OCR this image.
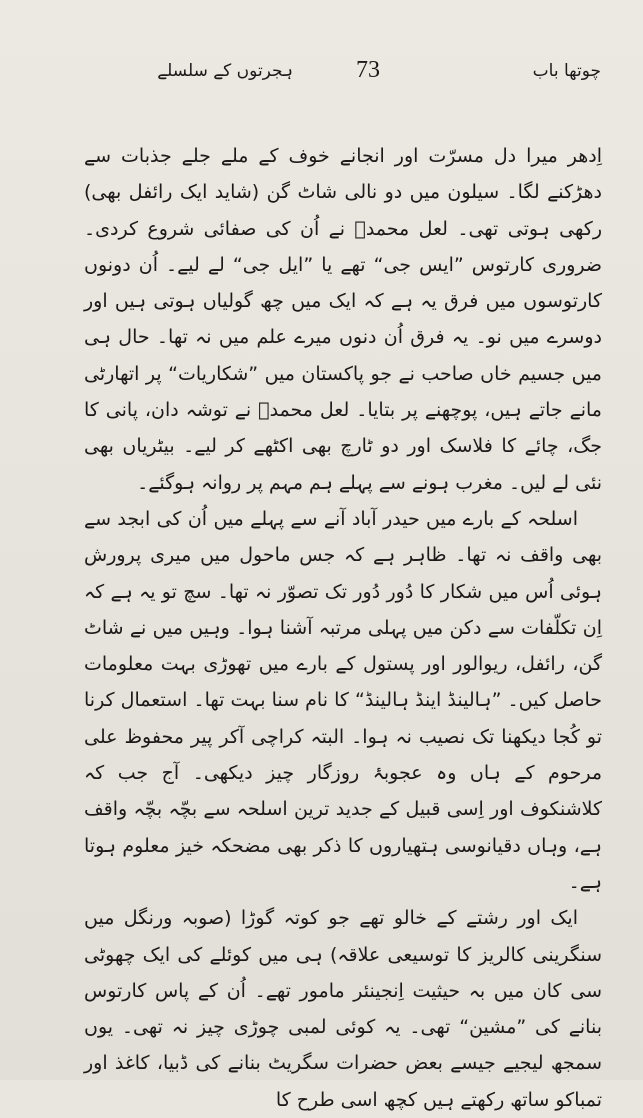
73
ہجرتوں کے سلسلے	چوتھا باب

اِدھر میرا دل مسرّت اور انجانے خوف کے ملے جلے جذبات سے دھڑکنے لگا۔ سیلون میں دو نالی شاٹ گن (شاید ایک رائفل بھی) رکھی ہوتی تھی۔ لعل محمدؐ نے اُن کی صفائی شروع کردی۔ ضروری کارتوس ”ایس جی“ تھے یا ”ایل جی“ لے لیے۔ اُن دونوں کارتوسوں میں فرق یہ ہے کہ ایک میں چھ گولیاں ہوتی ہیں اور دوسرے میں نو۔ یہ فرق اُن دنوں میرے علم میں نہ تھا۔ حال ہی میں جسیم خاں صاحب نے جو پاکستان میں ”شکاریات“ پر اتھارٹی مانے جاتے ہیں، پوچھنے پر بتایا۔ لعل محمدؐ نے توشہ دان، پانی کا جگ، چائے کا فلاسک اور دو ٹارچ بھی اکٹھے کر لیے۔ بیٹریاں بھی نئی لے لیں۔ مغرب ہونے سے پہلے ہم مہم پر روانہ ہوگئے۔

اسلحہ کے بارے میں حیدر آباد آنے سے پہلے میں اُن کی ابجد سے بھی واقف نہ تھا۔ ظاہر ہے کہ جس ماحول میں میری پرورش ہوئی اُس میں شکار کا دُور دُور تک تصوّر نہ تھا۔ سچ تو یہ ہے کہ اِن تکلّفات سے دکن میں پہلی مرتبہ آشنا ہوا۔ وہیں میں نے شاٹ گن، رائفل، ریوالور اور پستول کے بارے میں تھوڑی بہت معلومات حاصل کیں۔ ”ہالینڈ اینڈ ہالینڈ“ کا نام سنا بہت تھا۔ استعمال کرنا تو کُجا دیکھنا تک نصیب نہ ہوا۔ البتہ کراچی آکر پیر محفوظ علی مرحوم کے ہاں وہ عجوبۂ روزگار چیز دیکھی۔ آج جب کہ کلاشنکوف اور اِسی قبیل کے جدید ترین اسلحہ سے بچّہ بچّہ واقف ہے، وہاں دقیانوسی ہتھیاروں کا ذکر بھی مضحکہ خیز معلوم ہوتا ہے۔

ایک اور رشتے کے خالو تھے جو کوتہ گوڑا (صوبہ ورنگل میں سنگرینی کالریز کا توسیعی علاقہ) ہی میں کوئلے کی ایک چھوٹی سی کان میں بہ حیثیت اِنجینئر مامور تھے۔ اُن کے پاس کارتوس بنانے کی ”مشین“ تھی۔ یہ کوئی لمبی چوڑی چیز نہ تھی۔ یوں سمجھ لیجیے جیسے بعض حضرات سگریٹ بنانے کی ڈبیا، کاغذ اور تمباکو ساتھ رکھتے ہیں کچھ اسی طرح کا
